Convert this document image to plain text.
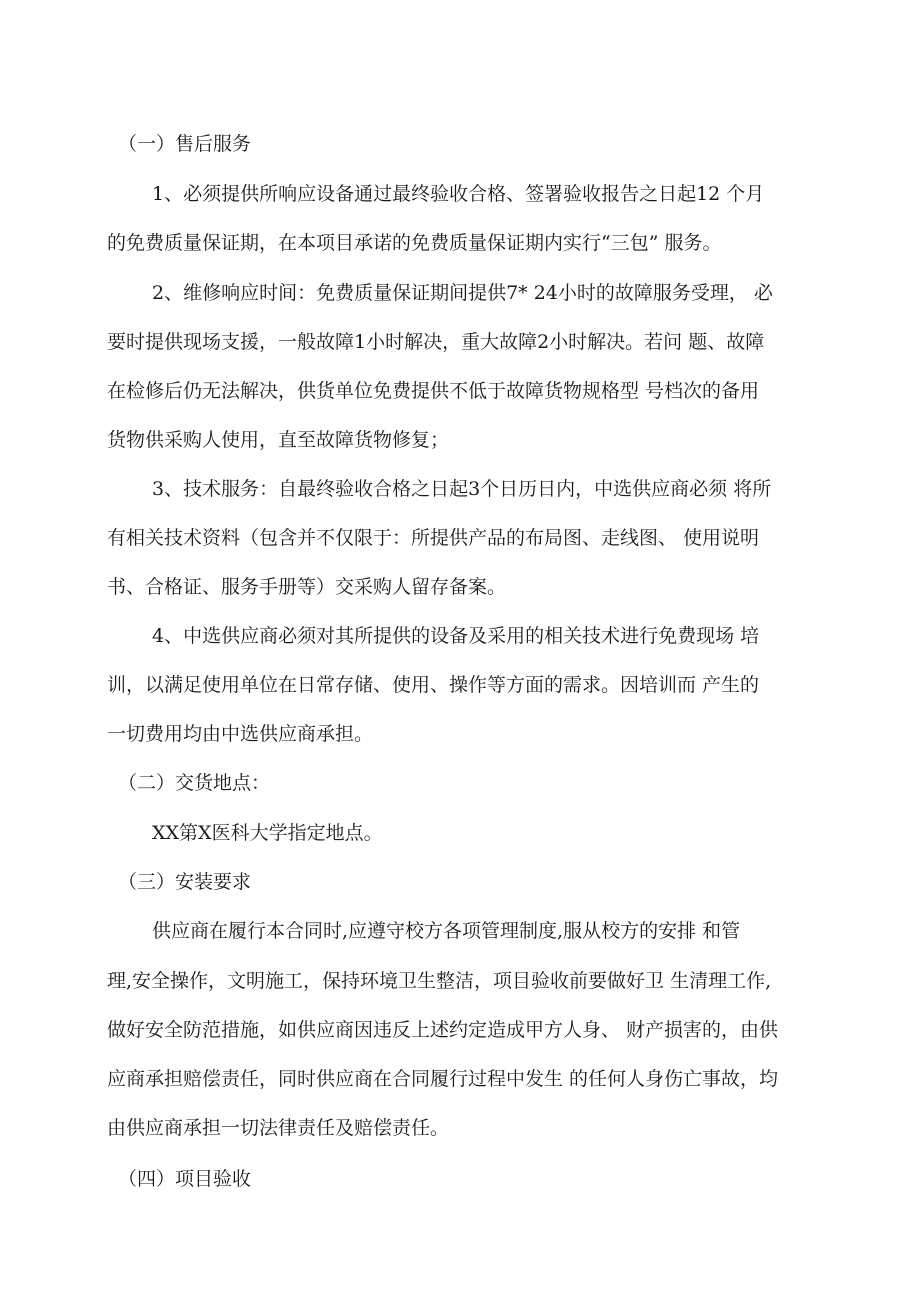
（一）售后服务
1、必须提供所响应设备通过最终验收合格、签署验收报告之日起12 个月
的免费质量保证期，在本项目承诺的免费质量保证期内实行“三包” 服务。
2、维修响应时间：免费质量保证期间提供7* 24小时的故障服务受理， 必
要时提供现场支援，一般故障1小时解决，重大故障2小时解决。若问 题、故障
在检修后仍无法解决，供货单位免费提供不低于故障货物规格型 号档次的备用
货物供采购人使用，直至故障货物修复；
3、技术服务：自最终验收合格之日起3个日历日内，中选供应商必须 将所
有相关技术资料（包含并不仅限于：所提供产品的布局图、走线图、 使用说明
书、合格证、服务手册等）交采购人留存备案。
4、中选供应商必须对其所提供的设备及采用的相关技术进行免费现场 培
训，以满足使用单位在日常存储、使用、操作等方面的需求。因培训而 产生的
一切费用均由中选供应商承担。
（二）交货地点：
XX第X医科大学指定地点。
（三）安装要求
供应商在履行本合同时,应遵守校方各项管理制度,服从校方的安排 和管
理,安全操作，文明施工，保持环境卫生整洁，项目验收前要做好卫 生清理工作,
做好安全防范措施，如供应商因违反上述约定造成甲方人身、 财产损害的，由供
应商承担赔偿责任，同时供应商在合同履行过程中发生 的任何人身伤亡事故，均
由供应商承担一切法律责任及赔偿责任。
（四）项目验收
